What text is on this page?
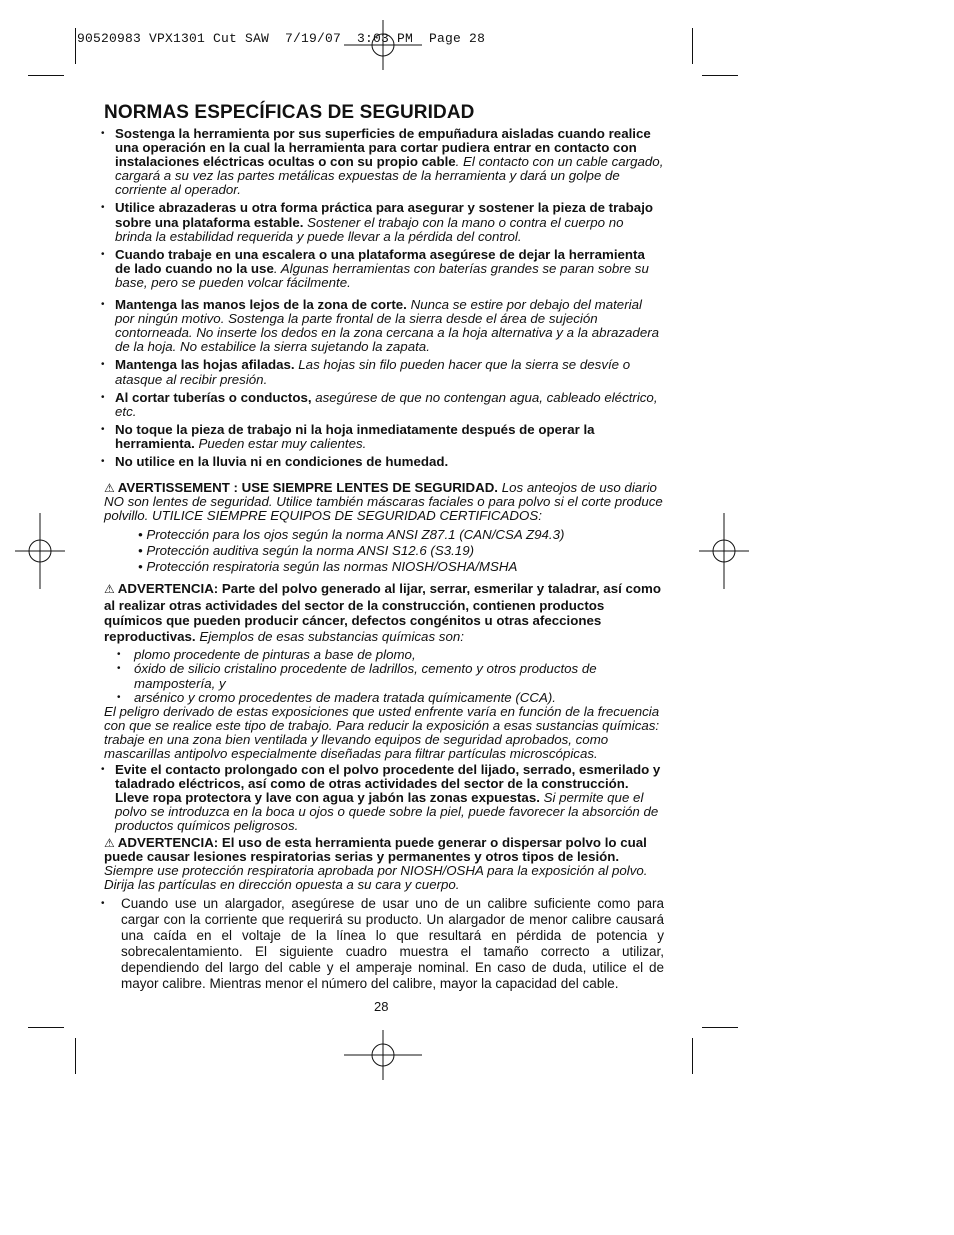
90520983 VPX1301 Cut SAW  7/19/07  3:03 PM  Page 28
NORMAS ESPECÍFICAS DE SEGURIDAD
• Sostenga la herramienta por sus superficies de empuñadura aisladas cuando realice una operación en la cual la herramienta para cortar pudiera entrar en contacto con instalaciones eléctricas ocultas o con su propio cable. El contacto con un cable cargado, cargará a su vez las partes metálicas expuestas de la herramienta y dará un golpe de corriente al operador.
• Utilice abrazaderas u otra forma práctica para asegurar y sostener la pieza de trabajo sobre una plataforma estable. Sostener el trabajo con la mano o contra el cuerpo no brinda la estabilidad requerida y puede llevar a la pérdida del control.
• Cuando trabaje en una escalera o una plataforma asegúrese de dejar la herramienta de lado cuando no la use. Algunas herramientas con baterías grandes se paran sobre su base, pero se pueden volcar fácilmente.
• Mantenga las manos lejos de la zona de corte. Nunca se estire por debajo del material por ningún motivo. Sostenga la parte frontal de la sierra desde el área de sujeción contorneada. No inserte los dedos en la zona cercana a la hoja alternativa y a la abrazadera de la hoja. No estabilice la sierra sujetando la zapata.
• Mantenga las hojas afiladas. Las hojas sin filo pueden hacer que la sierra se desvíe o atasque al recibir presión.
• Al cortar tuberías o conductos, asegúrese de que no contengan agua, cableado eléctrico, etc.
• No toque la pieza de trabajo ni la hoja inmediatamente después de operar la herramienta. Pueden estar muy calientes.
• No utilice en la lluvia ni en condiciones de humedad.
⚠ AVERTISSEMENT : USE SIEMPRE LENTES DE SEGURIDAD. Los anteojos de uso diario NO son lentes de seguridad. Utilice también máscaras faciales o para polvo si el corte produce polvillo. UTILICE SIEMPRE EQUIPOS DE SEGURIDAD CERTIFICADOS:
• Protección para los ojos según la norma ANSI Z87.1 (CAN/CSA Z94.3)
• Protección auditiva según la norma ANSI S12.6 (S3.19)
• Protección respiratoria según las normas NIOSH/OSHA/MSHA
⚠ ADVERTENCIA: Parte del polvo generado al lijar, serrar, esmerilar y taladrar, así como al realizar otras actividades del sector de la construcción, contienen productos químicos que pueden producir cáncer, defectos congénitos u otras afecciones reproductivas. Ejemplos de esas substancias químicas son:
• plomo procedente de pinturas a base de plomo,
• óxido de silicio cristalino procedente de ladrillos, cemento y otros productos de mampostería, y
• arsénico y cromo procedentes de madera tratada químicamente (CCA).
El peligro derivado de estas exposiciones que usted enfrente varía en función de la frecuencia con que se realice este tipo de trabajo. Para reducir la exposición a esas sustancias químicas: trabaje en una zona bien ventilada y llevando equipos de seguridad aprobados, como mascarillas antipolvo especialmente diseñadas para filtrar partículas microscópicas.
• Evite el contacto prolongado con el polvo procedente del lijado, serrado, esmerilado y taladrado eléctricos, así como de otras actividades del sector de la construcción. Lleve ropa protectora y lave con agua y jabón las zonas expuestas. Si permite que el polvo se introduzca en la boca u ojos o quede sobre la piel, puede favorecer la absorción de productos químicos peligrosos.
⚠ ADVERTENCIA: El uso de esta herramienta puede generar o dispersar polvo lo cual puede causar lesiones respiratorias serias y permanentes y otros tipos de lesión. Siempre use protección respiratoria aprobada por NIOSH/OSHA para la exposición al polvo. Dirija las partículas en dirección opuesta a su cara y cuerpo.
• Cuando use un alargador, asegúrese de usar uno de un calibre suficiente como para cargar con la corriente que requerirá su producto. Un alargador de menor calibre causará una caída en el voltaje de la línea lo que resultará en pérdida de potencia y sobrecalentamiento. El siguiente cuadro muestra el tamaño correcto a utilizar, dependiendo del largo del cable y el amperaje nominal. En caso de duda, utilice el de mayor calibre. Mientras menor el número del calibre, mayor la capacidad del cable.
28
